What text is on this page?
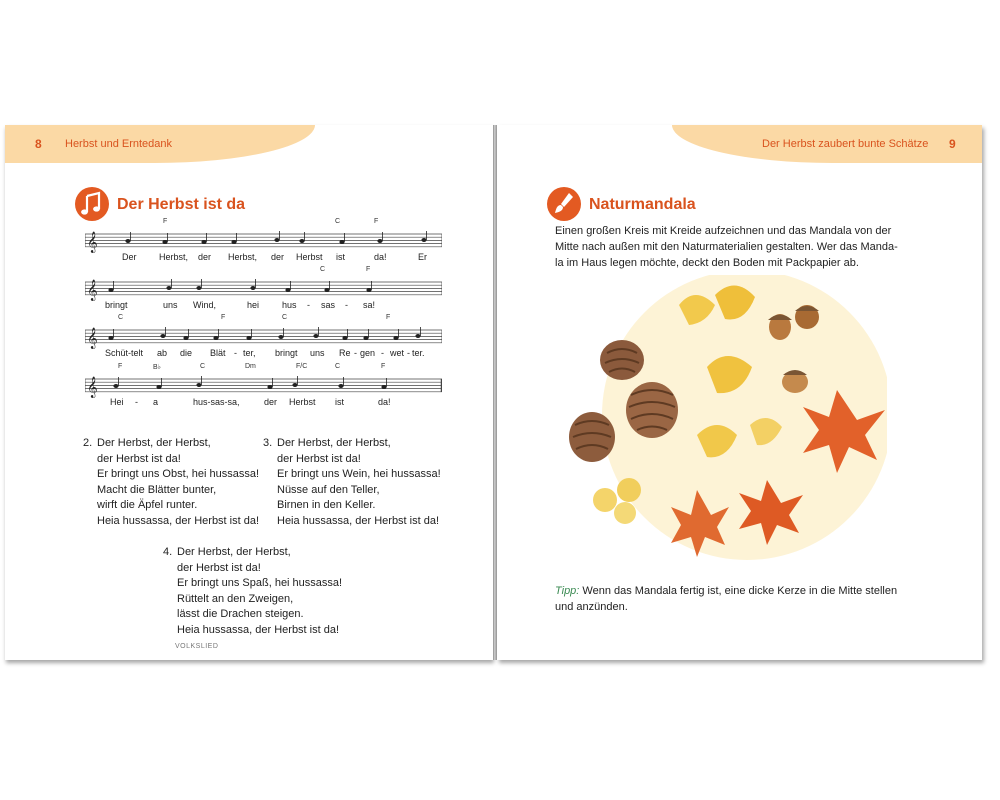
8 Herbst und Erntedank
Der Herbst ist da
𝄞
F	C	F
Der Herbst, der Herbst, der Herbst ist	da!	Er
𝄞
C	F
bringt	uns Wind,	hei	hus - sas - sa!
𝄞
C	F	C	F
Schüt-telt ab die Blät - ter, bringt uns Re - gen - wet - ter.
𝄞
F	B♭	C	Dm	F/C	C	F
Hei - a	hus-sas-sa,	der Herbst ist	da!
2. Der Herbst, der Herbst,
der Herbst ist da!
Er bringt uns Obst, hei hussassa!
Macht die Blätter bunter,
wirft die Äpfel runter.
Heia hussassa, der Herbst ist da!
3. Der Herbst, der Herbst,
der Herbst ist da!
Er bringt uns Wein, hei hussassa!
Nüsse auf den Teller,
Birnen in den Keller.
Heia hussassa, der Herbst ist da!
4. Der Herbst, der Herbst,
der Herbst ist da!
Er bringt uns Spaß, hei hussassa!
Rüttelt an den Zweigen,
lässt die Drachen steigen.
Heia hussassa, der Herbst ist da!
VOLKSLIED
Der Herbst zaubert bunte Schätze 9
Naturmandala
Einen großen Kreis mit Kreide aufzeichnen und das Mandala von der
Mitte nach außen mit den Naturmaterialien gestalten. Wer das Manda-
la im Haus legen möchte, deckt den Boden mit Packpapier ab.
Tipp: Wenn das Mandala fertig ist, eine dicke Kerze in die Mitte stellen
und anzünden.
